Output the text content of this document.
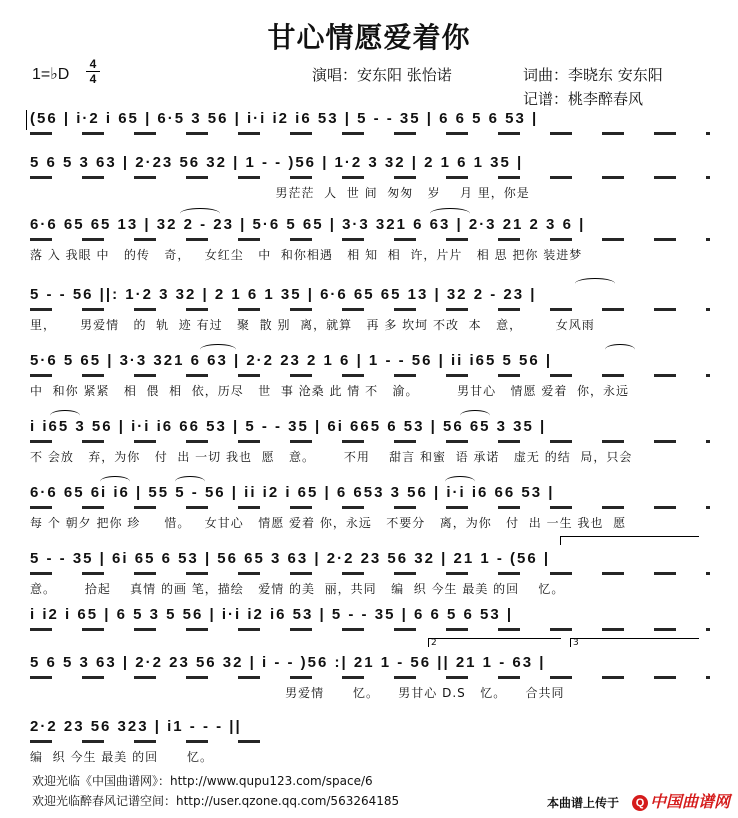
甘心情愿爱着你
1=♭D
4
4	演唱：安东阳 张怡诺	词曲：李晓东 安东阳
记谱：桃李醉春风
(56 | i·2 i 65 | 6·5 3 56 | i·i i2 i6 53 | 5 - - 35 | 6 6 5 6 53 |
5 6 5 3 63 | 2·23 56 32 | 1 - - )56 | 1·2 3 32 | 2 1 6 1 35 |
男茫茫  人  世 间  匆匆   岁    月 里，你是
6·6 65 65 13 | 32 2 - 23 | 5·6 5 65 | 3·3 321 6 63 | 2·3 21 2 3 6 |
落 入 我眼 中   的传   奇，   女红尘   中  和你相遇   相 知  相  许，片片   相 思 把你 装进梦
5 - - 56 ||: 1·2 3 32 | 2 1 6 1 35 | 6·6 65 65 13 | 32 2 - 23 |
里，     男爱情   的  轨  迹 有过   聚  散 别  离，就算   再 多 坎坷 不改  本   意，       女风雨
5·6 5 65 | 3·3 321 6 63 | 2·2 23 2 1 6 | 1 - - 56 | ii i65 5 56 |
中  和你 紧紧   相  偎  相  依，历尽   世  事 沧桑 此 情 不   渝。        男甘心   情愿 爱着  你，永远
i i65 3 56 | i·i i6 66 53 | 5 - - 35 | 6i 665 6 53 | 56 65 3 35 |
不 会放   弃，为你   付  出 一切 我也  愿   意。      不用    甜言 和蜜  语 承诺   虚无 的结  局，只会
6·6 65 6i i6 | 55 5 - 56 | ii i2 i 65 | 6 653 3 56 | i·i i6 66 53 |
每 个 朝夕 把你 珍     惜。   女甘心   情愿 爱着 你，永远   不要分   离，为你   付  出 一生 我也  愿
5 - - 35 | 6i 65 6 53 | 56 65 3 63 | 2·2 23 56 32 | 21 1 - (56 |
意。      拾起    真情 的画 笔，描绘   爱情 的美  丽，共同   编  织 今生 最美 的回    忆。
i i2 i 65 | 6 5 3 5 56 | i·i i2 i6 53 | 5 - - 35 | 6 6 5 6 53 |
2	3
5 6 5 3 63 | 2·2 23 56 32 | i - - )56 :| 21 1 - 56 || 21 1 - 63 |
男爱情      忆。    男甘心 D.S   忆。    合共同
2·2 23 56 323 | i1 - - - ||
编  织 今生 最美 的回      忆。
欢迎光临《中国曲谱网》：http://www.qupu123.com/space/6
欢迎光临醉春风记谱空间：http://user.qzone.qq.com/563264185	本曲谱上传于	Q 中国曲谱网
